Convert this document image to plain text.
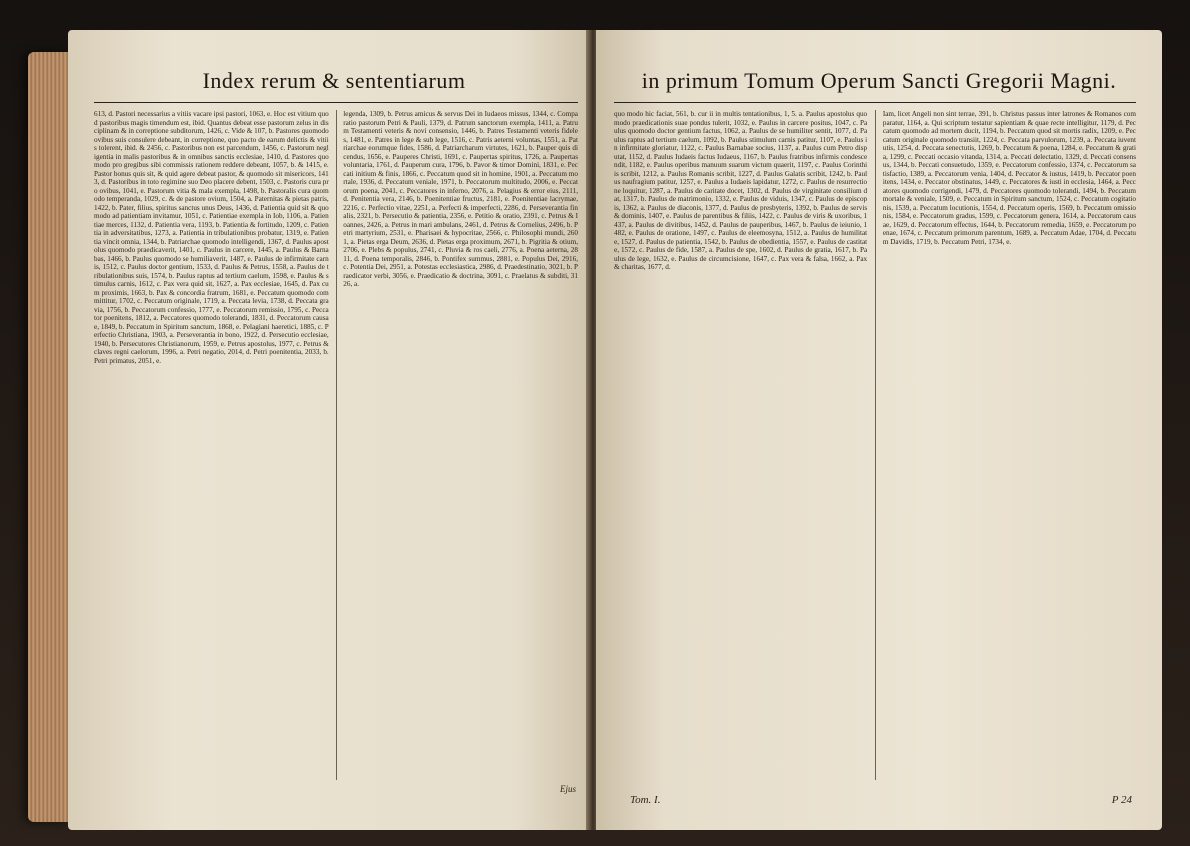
Index rerum & sententiarum

613, d. Pastori necessarius a vitiis vacare ipsi pastori, 1063, e. Hoc est vitium quod pastoribus magis timendum est, ibid. Quantus debeat esse pastorum zelus in disciplinam & in correptione subditorum, 1426, c. Vide & 107, b. Pastores quomodo ovibus suis consulere debeant, in correptione, quo pacto de earum delictis & vitiis tolerent, ibid. & 2456, c. Pastoribus non est parcendum, 1456, c. Pastorum negligentia in malis pastoribus & in omnibus sanctis ecclesiae, 1410, d. Pastores quomodo pro gregibus sibi commissis rationem reddere debeant, 1057, b. & 1415, e. Pastor bonus quis sit, & quid agere debeat pastor, & quomodo sit misericors, 1413, d. Pastoribus in toto regimine suo Deo placere debent, 1503, c. Pastoris cura pro ovibus, 1041, e. Pastorum vitia & mala exempla, 1498, b. Pastoralis cura quomodo temperanda, 1029, c. & de pastore ovium, 1504, a. Paternitas & pietas patris, 1422, b. Pater, filius, spiritus sanctus unus Deus, 1436, d. Patientia quid sit & quomodo ad patientiam invitamur, 1051, c. Patientiae exempla in Iob, 1106, a. Patientiae merces, 1132, d. Patientia vera, 1193, b. Patientia & fortitudo, 1209, c. Patientia in adversitatibus, 1273, a. Patientia in tribulationibus probatur, 1319, e. Patientia vincit omnia, 1344, b. Patriarchae quomodo intelligendi, 1367, d. Paulus apostolus quomodo praedicaverit, 1401, c. Paulus in carcere, 1445, a. Paulus & Barnabas, 1466, b. Paulus quomodo se humiliaverit, 1487, e. Paulus de infirmitate carnis, 1512, c. Paulus doctor gentium, 1533, d. Paulus & Petrus, 1558, a. Paulus de tribulationibus suis, 1574, b. Paulus raptus ad tertium caelum, 1598, e. Paulus & stimulus carnis, 1612, c. Pax vera quid sit, 1627, a. Pax ecclesiae, 1645, d. Pax cum proximis, 1663, b. Pax & concordia fratrum, 1681, e. Peccatum quomodo committitur, 1702, c. Peccatum originale, 1719, a. Peccata levia, 1738, d. Peccata gravia, 1756, b. Peccatorum confessio, 1777, e. Peccatorum remissio, 1795, c. Peccator poenitens, 1812, a. Peccatores quomodo tolerandi, 1831, d. Peccatorum causae, 1849, b. Peccatum in Spiritum sanctum, 1868, e. Pelagiani haeretici, 1885, c. Perfectio Christiana, 1903, a. Perseverantia in bono, 1922, d. Persecutio ecclesiae, 1940, b. Persecutores Christianorum, 1959, e. Petrus apostolus, 1977, c. Petrus & claves regni caelorum, 1996, a. Petri negatio, 2014, d. Petri poenitentia, 2033, b. Petri primatus, 2051, e.

legenda, 1309, b. Petrus amicus & servus Dei in Iudaeos missus, 1344, c. Comparatio pastorum Petri & Pauli, 1379, d. Patrum sanctorum exempla, 1411, a. Patrum Testamenti veteris & novi consensio, 1446, b. Patres Testamenti veteris fideles, 1481, e. Patres in lege & sub lege, 1516, c. Patris aeterni voluntas, 1551, a. Patriarchae eorumque fides, 1586, d. Patriarcharum virtutes, 1621, b. Pauper quis dicendus, 1656, e. Pauperes Christi, 1691, c. Paupertas spiritus, 1726, a. Paupertas voluntaria, 1761, d. Pauperum cura, 1796, b. Pavor & timor Domini, 1831, e. Peccati initium & finis, 1866, c. Peccatum quod sit in homine, 1901, a. Peccatum mortale, 1936, d. Peccatum veniale, 1971, b. Peccatorum multitudo, 2006, e. Peccatorum poena, 2041, c. Peccatores in inferno, 2076, a. Pelagius & error eius, 2111, d. Penitentia vera, 2146, b. Poenitentiae fructus, 2181, e. Poenitentiae lacrymae, 2216, c. Perfectio vitae, 2251, a. Perfecti & imperfecti, 2286, d. Perseverantia finalis, 2321, b. Persecutio & patientia, 2356, e. Petitio & oratio, 2391, c. Petrus & Ioannes, 2426, a. Petrus in mari ambulans, 2461, d. Petrus & Cornelius, 2496, b. Petri martyrium, 2531, e. Pharisaei & hypocritae, 2566, c. Philosophi mundi, 2601, a. Pietas erga Deum, 2636, d. Pietas erga proximum, 2671, b. Pigritia & otium, 2706, e. Plebs & populus, 2741, c. Pluvia & ros caeli, 2776, a. Poena aeterna, 2811, d. Poena temporalis, 2846, b. Pontifex summus, 2881, e. Populus Dei, 2916, c. Potentia Dei, 2951, a. Potestas ecclesiastica, 2986, d. Praedestinatio, 3021, b. Praedicator verbi, 3056, e. Praedicatio & doctrina, 3091, c. Praelatus & subditi, 3126, a.

Ejus
in primum Tomum Operum Sancti Gregorii Magni.

quo modo hic faciat, 561, b. cur ii in multis tentationibus, 1, 5. a. Paulus apostolus quomodo praedicationis suae pondus tulerit, 1032, e. Paulus in carcere positus, 1047, c. Paulus quomodo doctor gentium factus, 1062, a. Paulus de se humiliter sentit, 1077, d. Paulus raptus ad tertium caelum, 1092, b. Paulus stimulum carnis patitur, 1107, e. Paulus in infirmitate gloriatur, 1122, c. Paulus Barnabae socius, 1137, a. Paulus cum Petro disputat, 1152, d. Paulus Iudaeis factus Iudaeus, 1167, b. Paulus fratribus infirmis condescendit, 1182, e. Paulus operibus manuum suarum victum quaerit, 1197, c. Paulus Corinthiis scribit, 1212, a. Paulus Romanis scribit, 1227, d. Paulus Galatis scribit, 1242, b. Paulus naufragium patitur, 1257, e. Paulus a Iudaeis lapidatur, 1272, c. Paulus de resurrectione loquitur, 1287, a. Paulus de caritate docet, 1302, d. Paulus de virginitate consilium dat, 1317, b. Paulus de matrimonio, 1332, e. Paulus de viduis, 1347, c. Paulus de episcopis, 1362, a. Paulus de diaconis, 1377, d. Paulus de presbyteris, 1392, b. Paulus de servis & dominis, 1407, e. Paulus de parentibus & filiis, 1422, c. Paulus de viris & uxoribus, 1437, a. Paulus de divitibus, 1452, d. Paulus de pauperibus, 1467, b. Paulus de ieiunio, 1482, e. Paulus de oratione, 1497, c. Paulus de eleemosyna, 1512, a. Paulus de humilitate, 1527, d. Paulus de patientia, 1542, b. Paulus de obedientia, 1557, e. Paulus de castitate, 1572, c. Paulus de fide, 1587, a. Paulus de spe, 1602, d. Paulus de gratia, 1617, b. Paulus de lege, 1632, e. Paulus de circumcisione, 1647, c. Pax vera & falsa, 1662, a. Pax & charitas, 1677, d.

Iam, licet Angeli non sint terrae, 391, b. Christus passus inter latrones & Romanos comparatur, 1164, a. Qui scriptum testatur sapientiam & quae recte intelligitur, 1179, d. Peccatum quomodo ad mortem ducit, 1194, b. Peccatum quod sit mortis radix, 1209, e. Peccatum originale quomodo transiit, 1224, c. Peccata parvulorum, 1239, a. Peccata iuventutis, 1254, d. Peccata senectutis, 1269, b. Peccatum & poena, 1284, e. Peccatum & gratia, 1299, c. Peccati occasio vitanda, 1314, a. Peccati delectatio, 1329, d. Peccati consensus, 1344, b. Peccati consuetudo, 1359, e. Peccatorum confessio, 1374, c. Peccatorum satisfactio, 1389, a. Peccatorum venia, 1404, d. Peccator & iustus, 1419, b. Peccator poenitens, 1434, e. Peccator obstinatus, 1449, c. Peccatores & iusti in ecclesia, 1464, a. Peccatores quomodo corrigendi, 1479, d. Peccatores quomodo tolerandi, 1494, b. Peccatum mortale & veniale, 1509, e. Peccatum in Spiritum sanctum, 1524, c. Peccatum cogitationis, 1539, a. Peccatum locutionis, 1554, d. Peccatum operis, 1569, b. Peccatum omissionis, 1584, e. Peccatorum gradus, 1599, c. Peccatorum genera, 1614, a. Peccatorum causae, 1629, d. Peccatorum effectus, 1644, b. Peccatorum remedia, 1659, e. Peccatorum poenae, 1674, c. Peccatum primorum parentum, 1689, a. Peccatum Adae, 1704, d. Peccatum Davidis, 1719, b. Peccatum Petri, 1734, e.

Tom. I.	P 24
